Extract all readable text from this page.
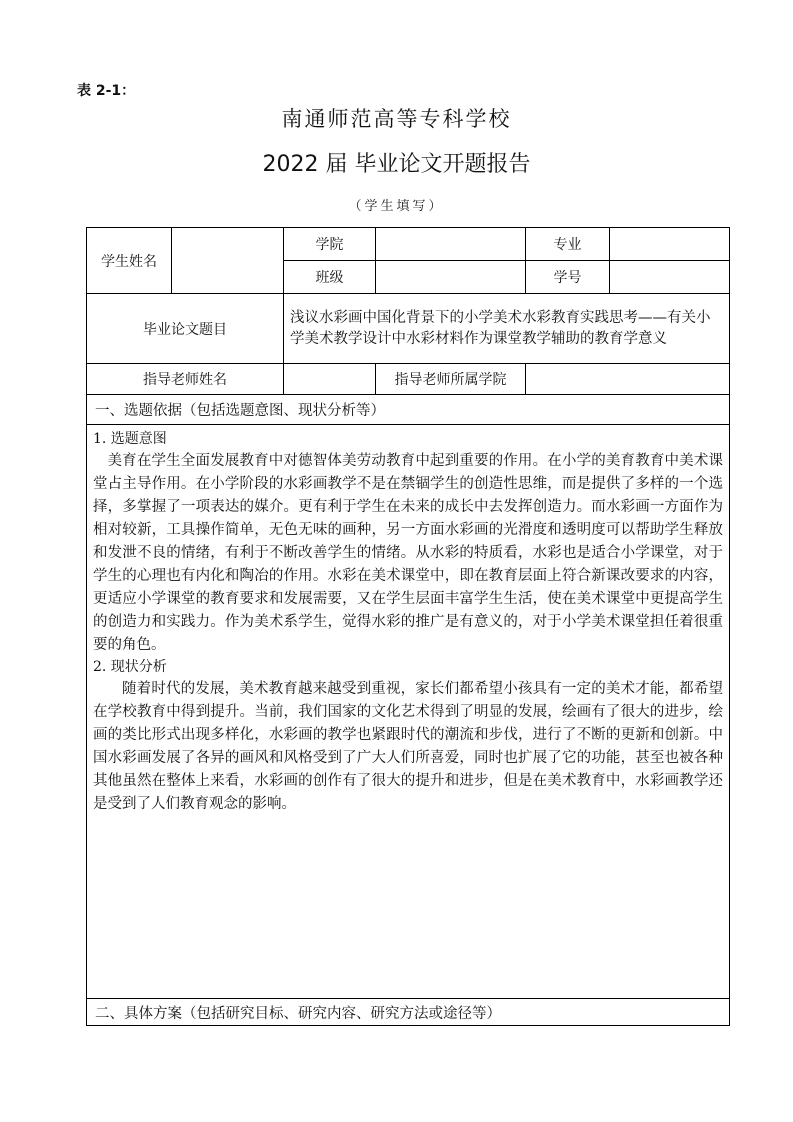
表 2-1：
南通师范高等专科学校
2022 届 毕业论文开题报告
（学生填写）
学生姓名		学院		专业	
		班级		学号	
毕业论文题目		浅议水彩画中国化背景下的小学美术水彩教育实践思考——有关小学美术教学设计中水彩材料作为课堂教学辅助的教育学意义			
指导老师姓名			指导老师所属学院		
一、选题依据（包括选题意图、现状分析等）					

1. 选题意图

美育在学生全面发展教育中对德智体美劳动教育中起到重要的作用。在小学的美育教育中美术课堂占主导作用。在小学阶段的水彩画教学不是在禁锢学生的创造性思维，而是提供了多样的一个选择，多掌握了一项表达的媒介。更有利于学生在未来的成长中去发挥创造力。而水彩画一方面作为相对较新，工具操作简单，无色无味的画种，另一方面水彩画的光滑度和透明度可以帮助学生释放和发泄不良的情绪，有利于不断改善学生的情绪。从水彩的特质看，水彩也是适合小学课堂，对于学生的心理也有内化和陶冶的作用。水彩在美术课堂中，即在教育层面上符合新课改要求的内容，更适应小学课堂的教育要求和发展需要，又在学生层面丰富学生生活，使在美术课堂中更提高学生的创造力和实践力。作为美术系学生，觉得水彩的推广是有意义的，对于小学美术课堂担任着很重要的角色。

2. 现状分析

随着时代的发展，美术教育越来越受到重视，家长们都希望小孩具有一定的美术才能，都希望在学校教育中得到提升。当前，我们国家的文化艺术得到了明显的发展，绘画有了很大的进步，绘画的类比形式出现多样化，水彩画的教学也紧跟时代的潮流和步伐，进行了不断的更新和创新。中国水彩画发展了各异的画风和风格受到了广大人们所喜爱，同时也扩展了它的功能，甚至也被各种其他虽然在整体上来看，水彩画的创作有了很大的提升和进步，但是在美术教育中，水彩画教学还是受到了人们教育观念的影响。					

二、具体方案（包括研究目标、研究内容、研究方法或途径等）					
